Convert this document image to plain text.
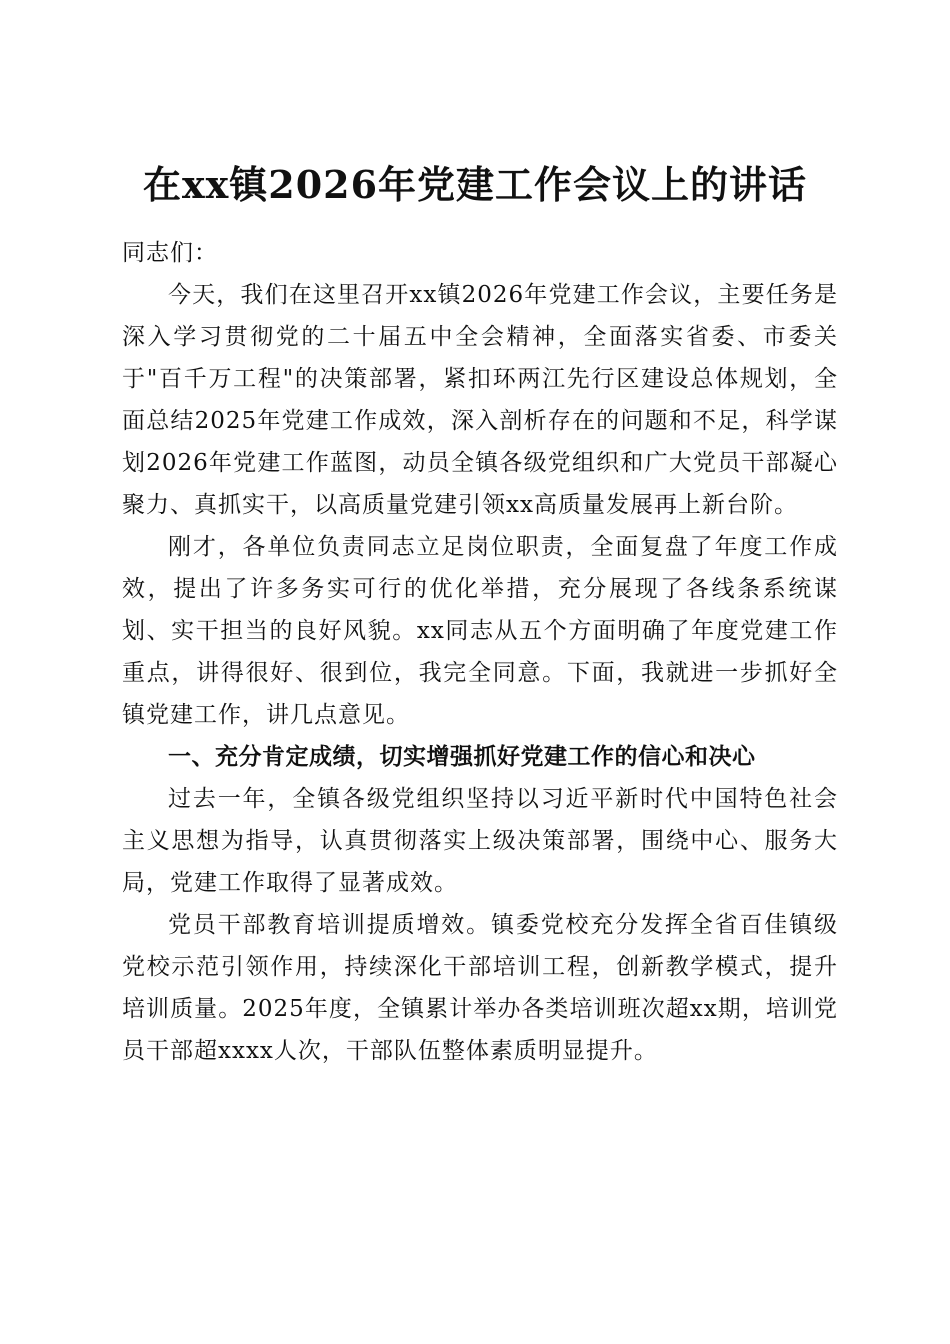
在xx镇2026年党建工作会议上的讲话

同志们：

今天，我们在这里召开xx镇2026年党建工作会议，主要任务是深入学习贯彻党的二十届五中全会精神，全面落实省委、市委关于"百千万工程"的决策部署，紧扣环两江先行区建设总体规划，全面总结2025年党建工作成效，深入剖析存在的问题和不足，科学谋划2026年党建工作蓝图，动员全镇各级党组织和广大党员干部凝心聚力、真抓实干，以高质量党建引领xx高质量发展再上新台阶。

刚才，各单位负责同志立足岗位职责，全面复盘了年度工作成效，提出了许多务实可行的优化举措，充分展现了各线条系统谋划、实干担当的良好风貌。xx同志从五个方面明确了年度党建工作重点，讲得很好、很到位，我完全同意。下面，我就进一步抓好全镇党建工作，讲几点意见。

一、充分肯定成绩，切实增强抓好党建工作的信心和决心

过去一年，全镇各级党组织坚持以习近平新时代中国特色社会主义思想为指导，认真贯彻落实上级决策部署，围绕中心、服务大局，党建工作取得了显著成效。

党员干部教育培训提质增效。镇委党校充分发挥全省百佳镇级党校示范引领作用，持续深化干部培训工程，创新教学模式，提升培训质量。2025年度，全镇累计举办各类培训班次超xx期，培训党员干部超xxxx人次，干部队伍整体素质明显提升。
